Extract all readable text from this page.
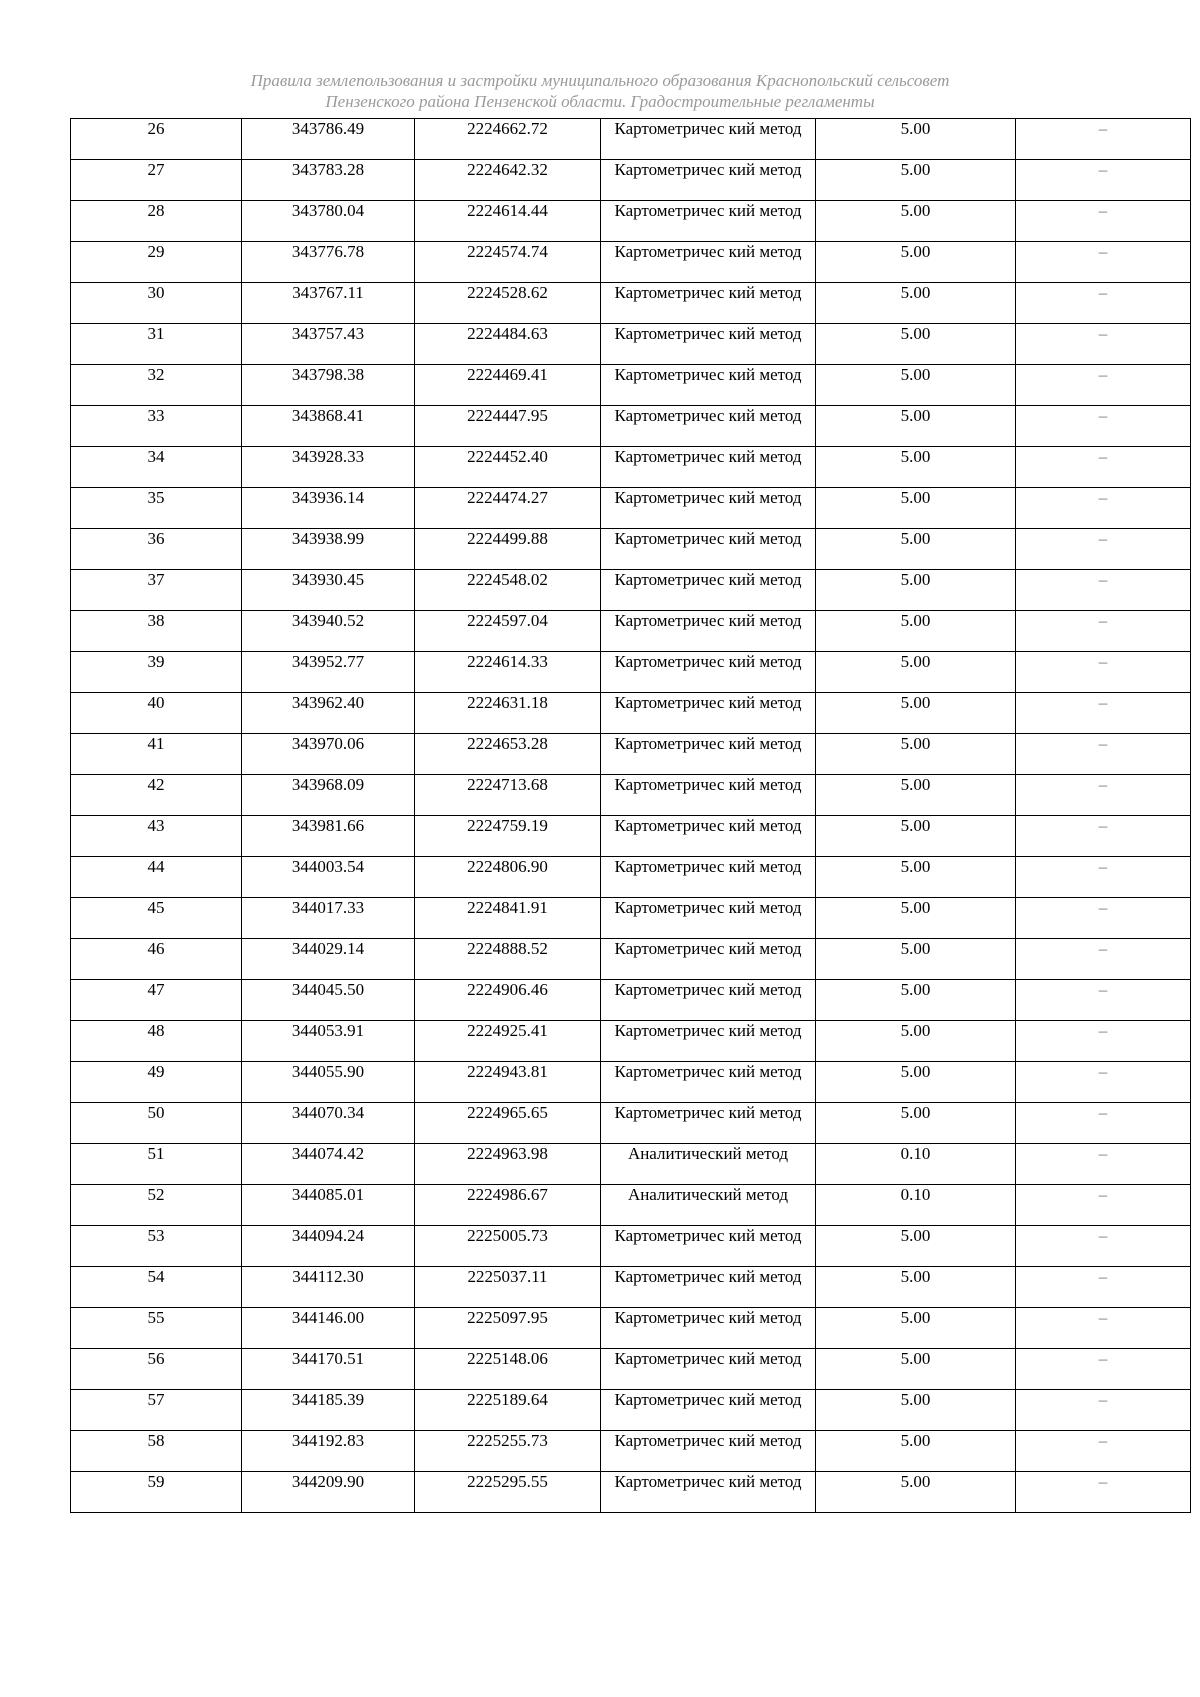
Правила землепользования и застройки муниципального образования Краснопольский сельсовет
Пензенского района Пензенской области. Градостроительные регламенты
26	343786.49	2224662.72	Картометричес кий метод	5.00	–
27	343783.28	2224642.32	Картометричес кий метод	5.00	–
28	343780.04	2224614.44	Картометричес кий метод	5.00	–
29	343776.78	2224574.74	Картометричес кий метод	5.00	–
30	343767.11	2224528.62	Картометричес кий метод	5.00	–
31	343757.43	2224484.63	Картометричес кий метод	5.00	–
32	343798.38	2224469.41	Картометричес кий метод	5.00	–
33	343868.41	2224447.95	Картометричес кий метод	5.00	–
34	343928.33	2224452.40	Картометричес кий метод	5.00	–
35	343936.14	2224474.27	Картометричес кий метод	5.00	–
36	343938.99	2224499.88	Картометричес кий метод	5.00	–
37	343930.45	2224548.02	Картометричес кий метод	5.00	–
38	343940.52	2224597.04	Картометричес кий метод	5.00	–
39	343952.77	2224614.33	Картометричес кий метод	5.00	–
40	343962.40	2224631.18	Картометричес кий метод	5.00	–
41	343970.06	2224653.28	Картометричес кий метод	5.00	–
42	343968.09	2224713.68	Картометричес кий метод	5.00	–
43	343981.66	2224759.19	Картометричес кий метод	5.00	–
44	344003.54	2224806.90	Картометричес кий метод	5.00	–
45	344017.33	2224841.91	Картометричес кий метод	5.00	–
46	344029.14	2224888.52	Картометричес кий метод	5.00	–
47	344045.50	2224906.46	Картометричес кий метод	5.00	–
48	344053.91	2224925.41	Картометричес кий метод	5.00	–
49	344055.90	2224943.81	Картометричес кий метод	5.00	–
50	344070.34	2224965.65	Картометричес кий метод	5.00	–
51	344074.42	2224963.98	Аналитический метод	0.10	–
52	344085.01	2224986.67	Аналитический метод	0.10	–
53	344094.24	2225005.73	Картометричес кий метод	5.00	–
54	344112.30	2225037.11	Картометричес кий метод	5.00	–
55	344146.00	2225097.95	Картометричес кий метод	5.00	–
56	344170.51	2225148.06	Картометричес кий метод	5.00	–
57	344185.39	2225189.64	Картометричес кий метод	5.00	–
58	344192.83	2225255.73	Картометричес кий метод	5.00	–
59	344209.90	2225295.55	Картометричес кий метод	5.00	–
